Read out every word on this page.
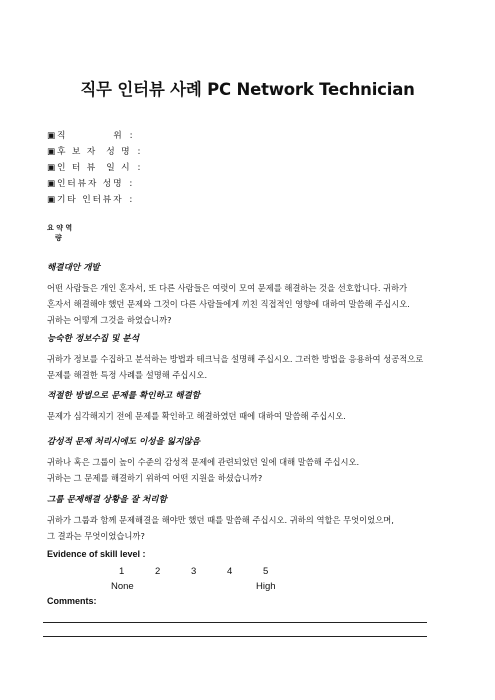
직무 인터뷰 사례 PC Network Technician
▣ 직          위 :
▣ 후 보 자  성 명 :
▣ 인 터 뷰  일 시 :
▣ 인터뷰자 성명 :
▣ 기타 인터뷰자 :
요 약 역
량
해결대안 개발
어떤 사람들은 개인 혼자서, 또 다른 사람들은 여럿이 모여 문제를 해결하는 것을 선호합니다. 귀하가
혼자서 해결해야 했던 문제와 그것이 다른 사람들에게 끼친 직접적인 영향에 대하여 말씀해 주십시오.
귀하는 어떻게 그것을 하였습니까?
능숙한 정보수집 및 분석
귀하가 정보를 수집하고 분석하는 방법과 테크닉을 설명해 주십시오. 그러한 방법을 응용하여 성공적으로
문제를 해결한 특정 사례를 설명해 주십시오.
적절한 방법으로 문제를 확인하고 해결함
문제가 심각해지기 전에 문제를 확인하고 해결하였던 때에 대하여 말씀해 주십시오.
감성적 문제 처리시에도 이성을 잃지않음
귀하나 혹은 그룹이 높이 수준의 감성적 문제에 관련되었던 일에 대해 말씀해 주십시오.
귀하는 그 문제를 해결하기 위하여 어떤 지원을 하셨습니까?
그룹 문제해결 상황을 잘 처리함
귀하가 그룹과 함께 문제해결을 해야만 했던 때를 말씀해 주십시오. 귀하의 역할은 무엇이었으며,
그 결과는 무엇이었습니까?
Evidence of skill level :
1	2	3	4	5
None	High
Comments:
